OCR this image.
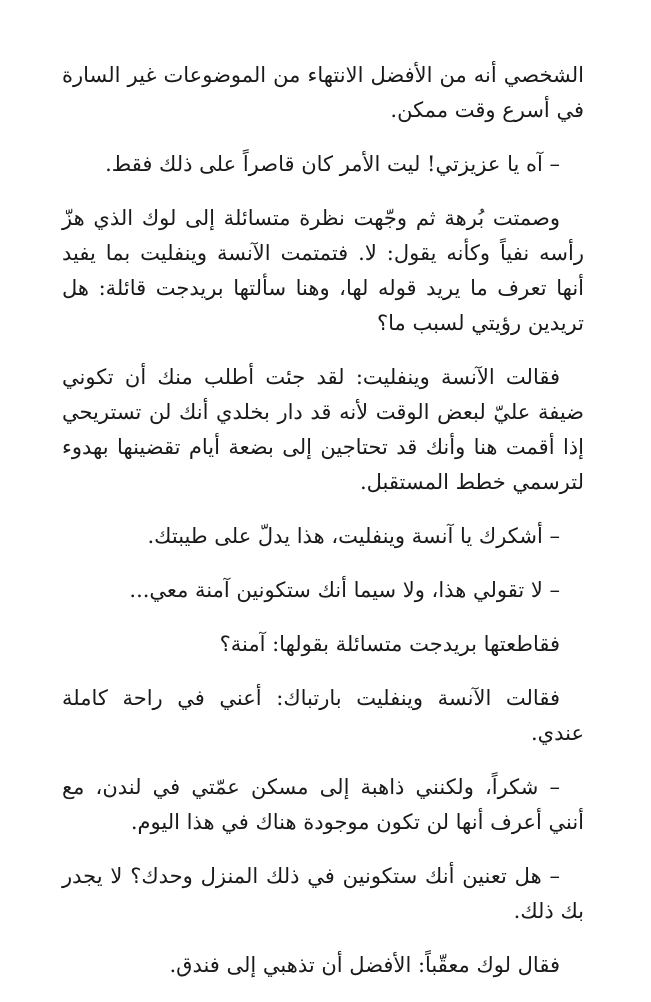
الشخصي أنه من الأفضل الانتهاء من الموضوعات غير السارة في أسرع وقت ممكن.

– آه يا عزيزتي! ليت الأمر كان قاصراً على ذلك فقط.

وصمتت بُرهة ثم وجّهت نظرة متسائلة إلى لوك الذي هزّ رأسه نفياً وكأنه يقول: لا. فتمتمت الآنسة وينفليت بما يفيد أنها تعرف ما يريد قوله لها، وهنا سألتها بريدجت قائلة: هل تريدين رؤيتي لسبب ما؟

فقالت الآنسة وينفليت: لقد جئت أطلب منك أن تكوني ضيفة عليّ لبعض الوقت لأنه قد دار بخلدي أنك لن تستريحي إذا أقمت هنا وأنك قد تحتاجين إلى بضعة أيام تقضينها بهدوء لترسمي خطط المستقبل.

– أشكرك يا آنسة وينفليت، هذا يدلّ على طيبتك.

– لا تقولي هذا، ولا سيما أنك ستكونين آمنة معي...

فقاطعتها بريدجت متسائلة بقولها: آمنة؟

فقالت الآنسة وينفليت بارتباك: أعني في راحة كاملة عندي.

– شكراً، ولكنني ذاهبة إلى مسكن عمّتي في لندن، مع أنني أعرف أنها لن تكون موجودة هناك في هذا اليوم.

– هل تعنين أنك ستكونين في ذلك المنزل وحدك؟ لا يجدر بك ذلك.

فقال لوك معقّباً: الأفضل أن تذهبي إلى فندق.
